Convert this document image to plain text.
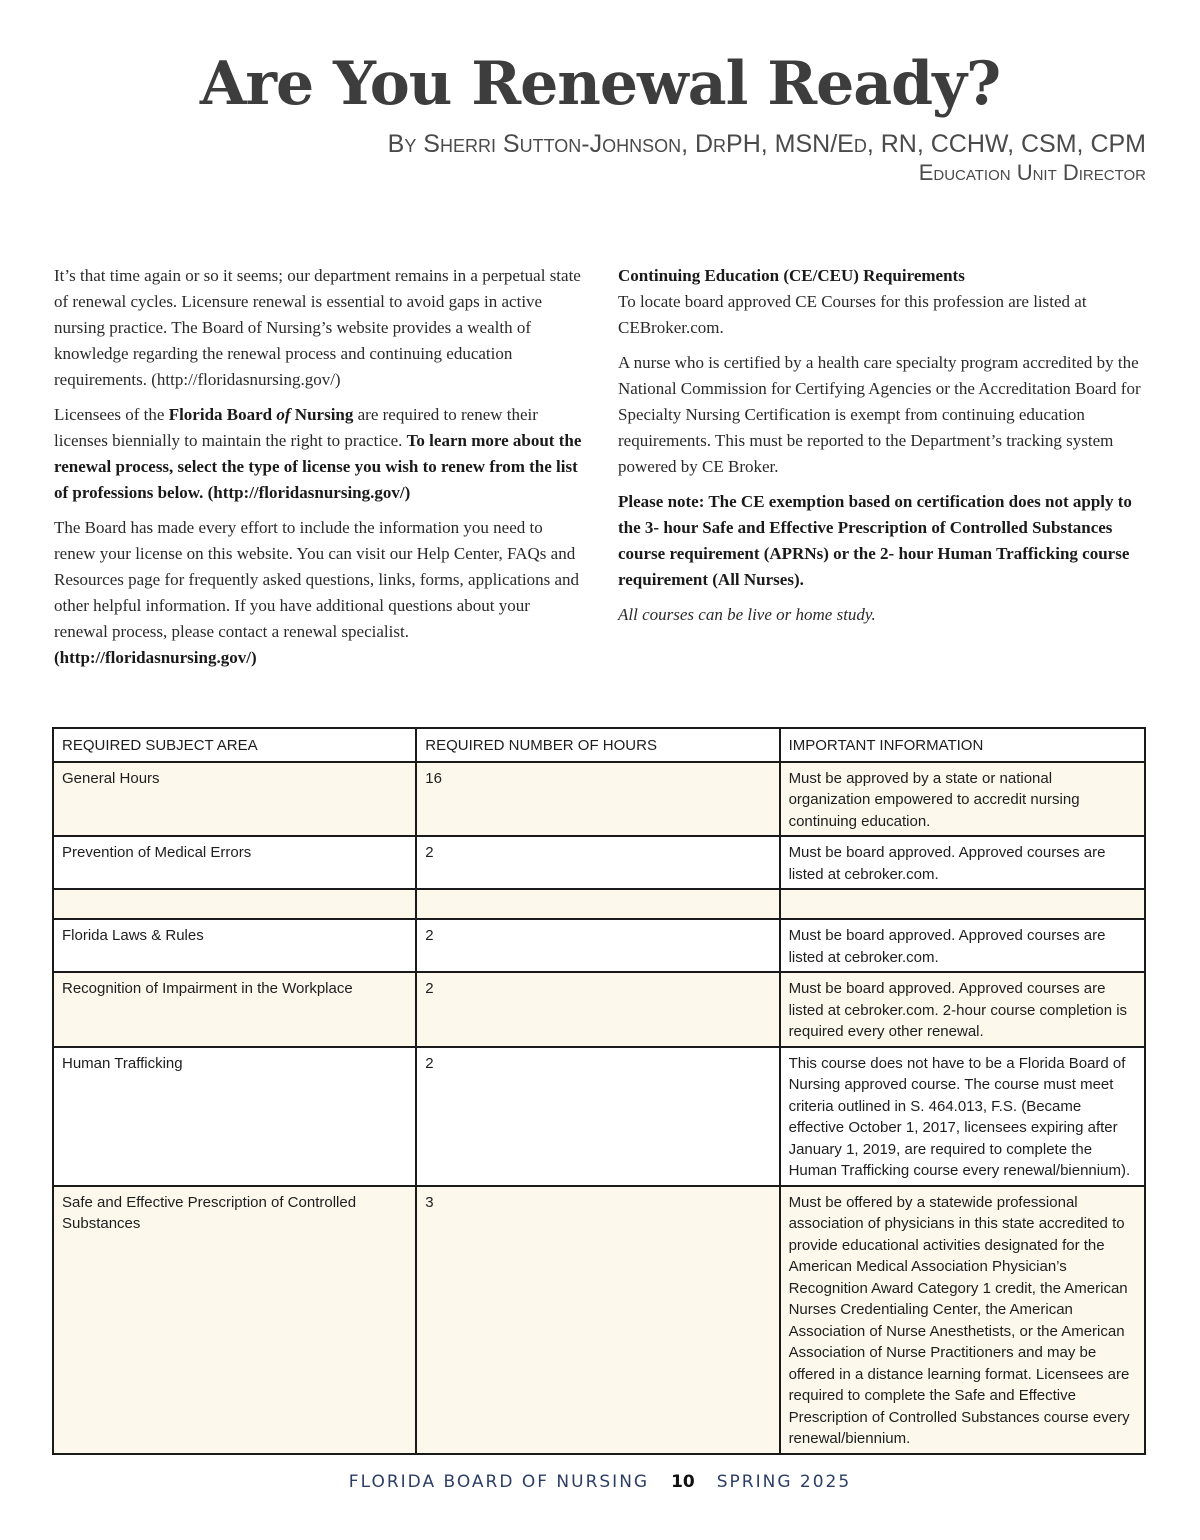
Are You Renewal Ready?
By Sherri Sutton-Johnson, DrPH, MSN/Ed, RN, CCHW, CSM, CPM
Education Unit Director

It’s that time again or so it seems; our department remains in a perpetual state of renewal cycles. Licensure renewal is essential to avoid gaps in active nursing practice. The Board of Nursing’s website provides a wealth of knowledge regarding the renewal process and continuing education requirements. (http://floridasnursing.gov/)

Licensees of the Florida Board of Nursing are required to renew their licenses biennially to maintain the right to practice. To learn more about the renewal process, select the type of license you wish to renew from the list of professions below. (http://floridasnursing.gov/)

The Board has made every effort to include the information you need to renew your license on this website. You can visit our Help Center, FAQs and Resources page for frequently asked questions, links, forms, applications and other helpful information. If you have additional questions about your renewal process, please contact a renewal specialist. (http://floridasnursing.gov/)

Continuing Education (CE/CEU) Requirements

To locate board approved CE Courses for this profession are listed at CEBroker.com.

A nurse who is certified by a health care specialty program accredited by the National Commission for Certifying Agencies or the Accreditation Board for Specialty Nursing Certification is exempt from continuing education requirements. This must be reported to the Department’s tracking system powered by CE Broker.

Please note: The CE exemption based on certification does not apply to the 3- hour Safe and Effective Prescription of Controlled Substances course requirement (APRNs) or the 2- hour Human Trafficking course requirement (All Nurses).

All courses can be live or home study.

REQUIRED SUBJECT AREA	REQUIRED NUMBER OF HOURS	IMPORTANT INFORMATION
General Hours	16	Must be approved by a state or national organization empowered to accredit nursing continuing education.
Prevention of Medical Errors	2	Must be board approved. Approved courses are listed at cebroker.com.

Florida Laws & Rules	2	Must be board approved. Approved courses are listed at cebroker.com.
Recognition of Impairment in the Workplace	2	Must be board approved. Approved courses are listed at cebroker.com. 2-hour course completion is required every other renewal.
Human Trafficking	2	This course does not have to be a Florida Board of Nursing approved course. The course must meet criteria outlined in S. 464.013, F.S. (Became effective October 1, 2017, licensees expiring after January 1, 2019, are required to complete the Human Trafficking course every renewal/biennium).
Safe and Effective Prescription of Controlled Substances	3	Must be offered by a statewide professional association of physicians in this state accredited to provide educational activities designated for the American Medical Association Physician’s Recognition Award Category 1 credit, the American Nurses Credentialing Center, the American Association of Nurse Anesthetists, or the American Association of Nurse Practitioners and may be offered in a distance learning format. Licensees are required to complete the Safe and Effective Prescription of Controlled Substances course every renewal/biennium.
FLORIDA BOARD OF NURSING 10 SPRING 2025
